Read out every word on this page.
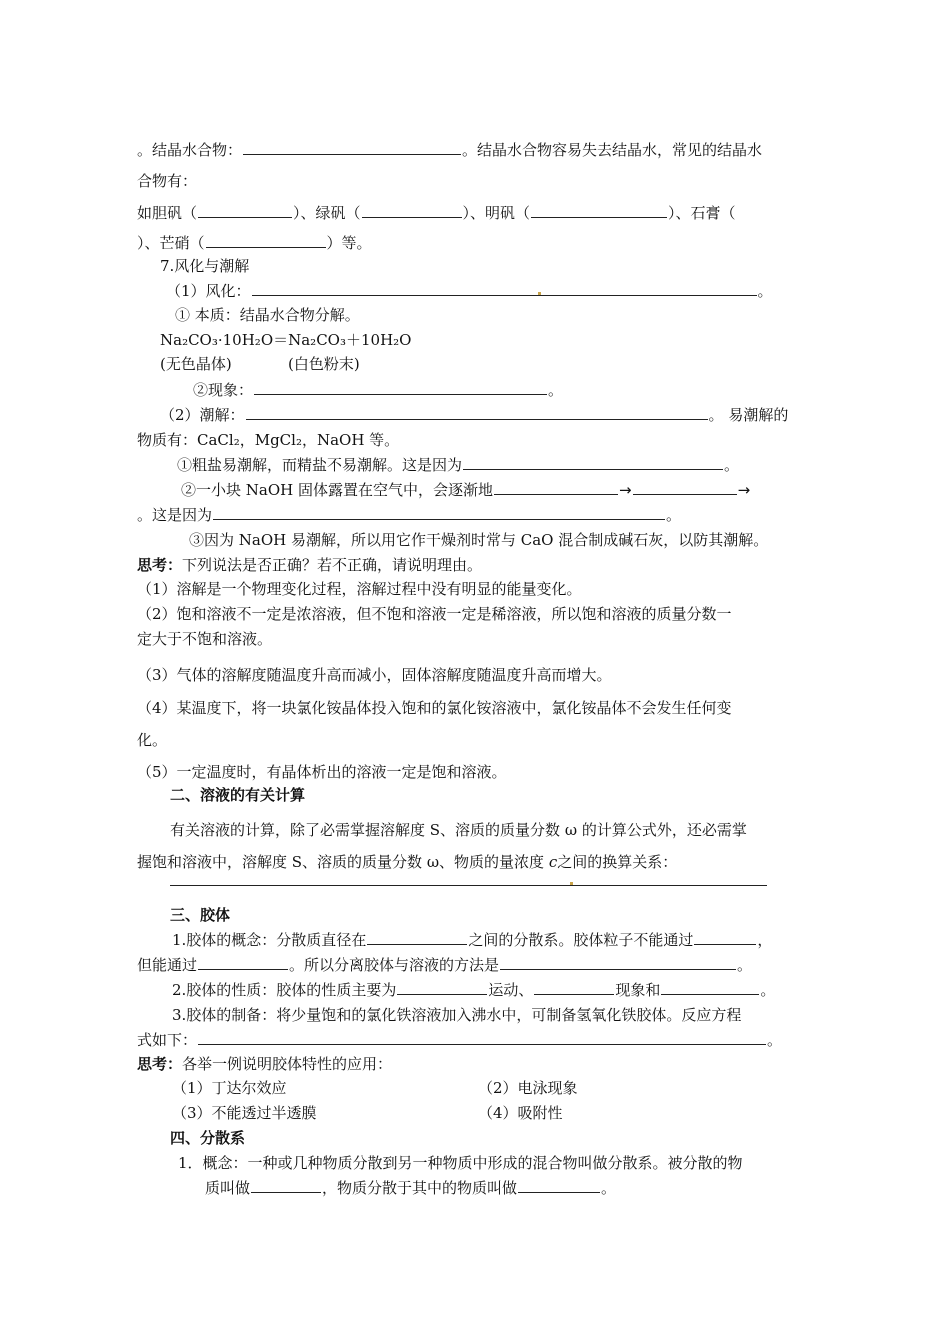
。结晶水合物：	。结晶水合物容易失去结晶水，常见的结晶水
合物有：
如胆矾（	）、绿矾（	）、明矾（	）、石膏（
）、芒硝（	）等。
7.风化与潮解
（1）风化：	。
① 本质：结晶水合物分解。
Na₂CO₃·10H₂O＝Na₂CO₃＋10H₂O
(无色晶体)	(白色粉末)
②现象：	。
（2）潮解：	。 易潮解的
物质有：CaCl₂，MgCl₂，NaOH 等。
①粗盐易潮解，而精盐不易潮解。这是因为	。
②一小块 NaOH 固体露置在空气中，会逐渐地	→	→
。这是因为	。
③因为 NaOH 易潮解，所以用它作干燥剂时常与 CaO 混合制成碱石灰，以防其潮解。
思考：下列说法是否正确？若不正确，请说明理由。
（1）溶解是一个物理变化过程，溶解过程中没有明显的能量变化。
（2）饱和溶液不一定是浓溶液，但不饱和溶液一定是稀溶液，所以饱和溶液的质量分数一
定大于不饱和溶液。
（3）气体的溶解度随温度升高而减小，固体溶解度随温度升高而增大。
（4）某温度下，将一块氯化铵晶体投入饱和的氯化铵溶液中，氯化铵晶体不会发生任何变
化。
（5）一定温度时，有晶体析出的溶液一定是饱和溶液。
二、溶液的有关计算
有关溶液的计算，除了必需掌握溶解度 S、溶质的质量分数 ω 的计算公式外，还必需掌
握饱和溶液中，溶解度 S、溶质的质量分数 ω、物质的量浓度 c之间的换算关系：
三、胶体
1.胶体的概念：分散质直径在	之间的分散系。胶体粒子不能通过	，
但能通过	。所以分离胶体与溶液的方法是	。
2.胶体的性质：胶体的性质主要为	运动、	现象和	。
3.胶体的制备：将少量饱和的氯化铁溶液加入沸水中，可制备氢氧化铁胶体。反应方程
式如下：	。
思考：各举一例说明胶体特性的应用：
（1）丁达尔效应	（2）电泳现象
（3）不能透过半透膜	（4）吸附性
四、分散系
1．概念：一种或几种物质分散到另一种物质中形成的混合物叫做分散系。被分散的物
质叫做	，物质分散于其中的物质叫做	。
